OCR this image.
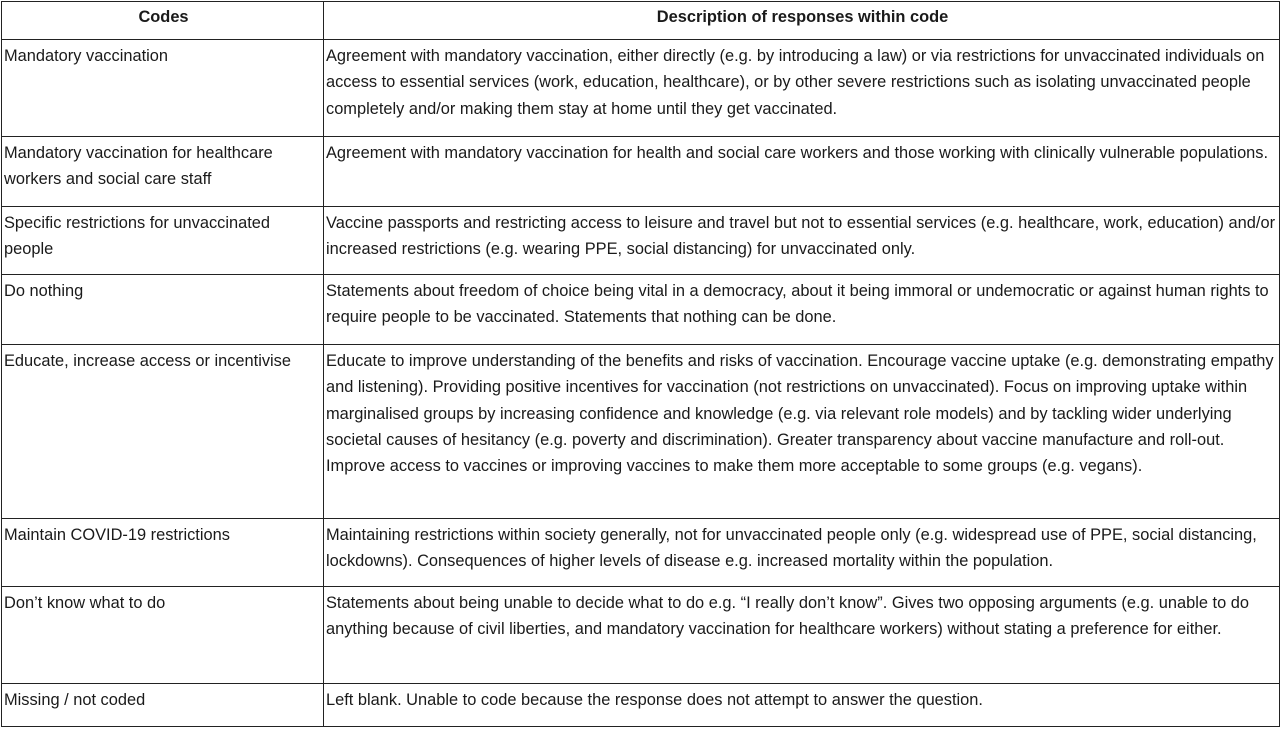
Codes	Description of responses within code
Mandatory vaccination	Agreement with mandatory vaccination, either directly (e.g. by introducing a law) or via restrictions for unvaccinated individuals on access to essential services (work, education, healthcare), or by other severe restrictions such as isolating unvaccinated people completely and/or making them stay at home until they get vaccinated.
Mandatory vaccination for healthcare workers and social care staff	Agreement with mandatory vaccination for health and social care workers and those working with clinically vulnerable populations.
Specific restrictions for unvaccinated people	Vaccine passports and restricting access to leisure and travel but not to essential services (e.g. healthcare, work, education) and/or increased restrictions (e.g. wearing PPE, social distancing) for unvaccinated only.
Do nothing	Statements about freedom of choice being vital in a democracy, about it being immoral or undemocratic or against human rights to require people to be vaccinated. Statements that nothing can be done.
Educate, increase access or incentivise	Educate to improve understanding of the benefits and risks of vaccination. Encourage vaccine uptake (e.g. demonstrating empathy and listening). Providing positive incentives for vaccination (not restrictions on unvaccinated). Focus on improving uptake within marginalised groups by increasing confidence and knowledge (e.g. via relevant role models) and by tackling wider underlying societal causes of hesitancy (e.g. poverty and discrimination). Greater transparency about vaccine manufacture and roll-out. Improve access to vaccines or improving vaccines to make them more acceptable to some groups (e.g. vegans).
Maintain COVID-19 restrictions	Maintaining restrictions within society generally, not for unvaccinated people only (e.g. widespread use of PPE, social distancing, lockdowns). Consequences of higher levels of disease e.g. increased mortality within the population.
Don’t know what to do	Statements about being unable to decide what to do e.g. “I really don’t know”. Gives two opposing arguments (e.g. unable to do anything because of civil liberties, and mandatory vaccination for healthcare workers) without stating a preference for either.
Missing / not coded	Left blank. Unable to code because the response does not attempt to answer the question.
